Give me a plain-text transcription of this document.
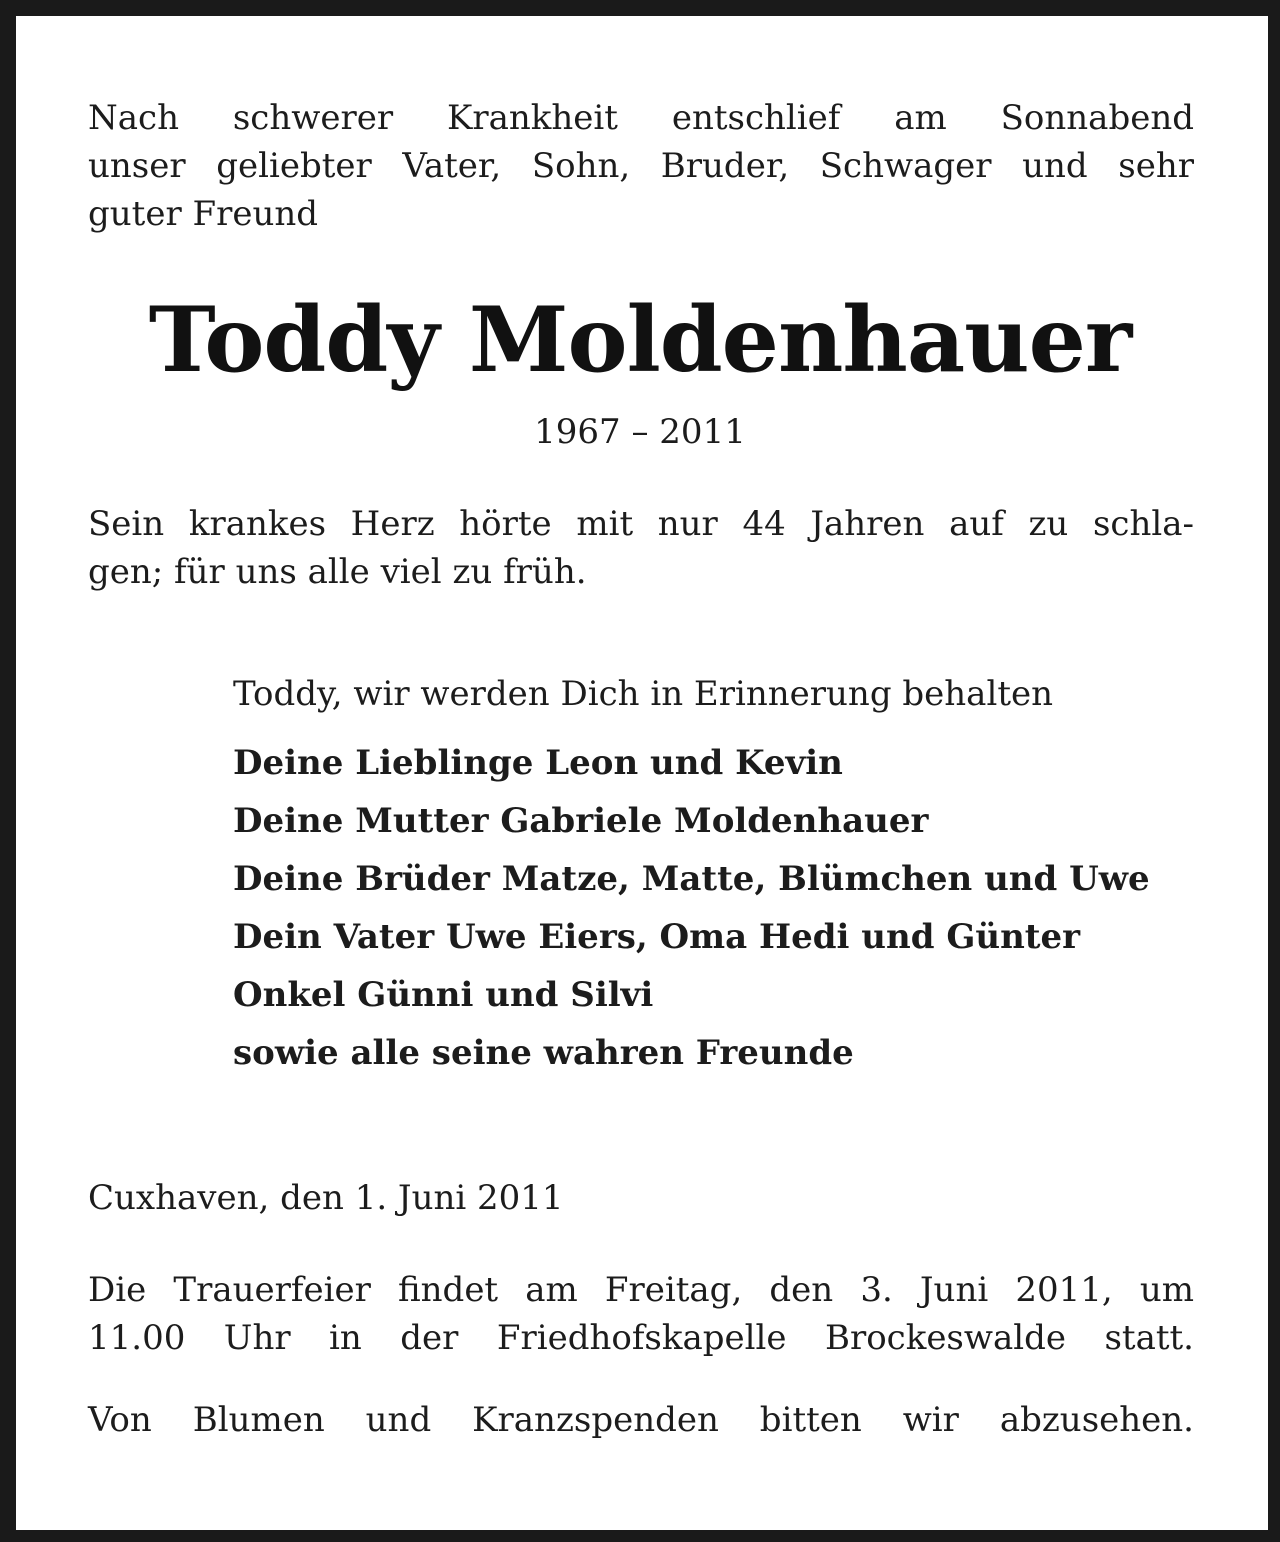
Nach schwerer Krankheit entschlief am Sonnabend
unser geliebter Vater, Sohn, Bruder, Schwager und sehr
guter Freund
Toddy Moldenhauer
1967 – 2011
Sein krankes Herz hörte mit nur 44 Jahren auf zu schla-
gen; für uns alle viel zu früh.
Toddy, wir werden Dich in Erinnerung behalten
Deine Lieblinge Leon und Kevin
Deine Mutter Gabriele Moldenhauer
Deine Brüder Matze, Matte, Blümchen und Uwe
Dein Vater Uwe Eiers, Oma Hedi und Günter
Onkel Günni und Silvi
sowie alle seine wahren Freunde
Cuxhaven, den 1. Juni 2011
Die Trauerfeier findet am Freitag, den 3. Juni 2011, um
11.00 Uhr in der Friedhofskapelle Brockeswalde statt.
Von Blumen und Kranzspenden bitten wir abzusehen.
